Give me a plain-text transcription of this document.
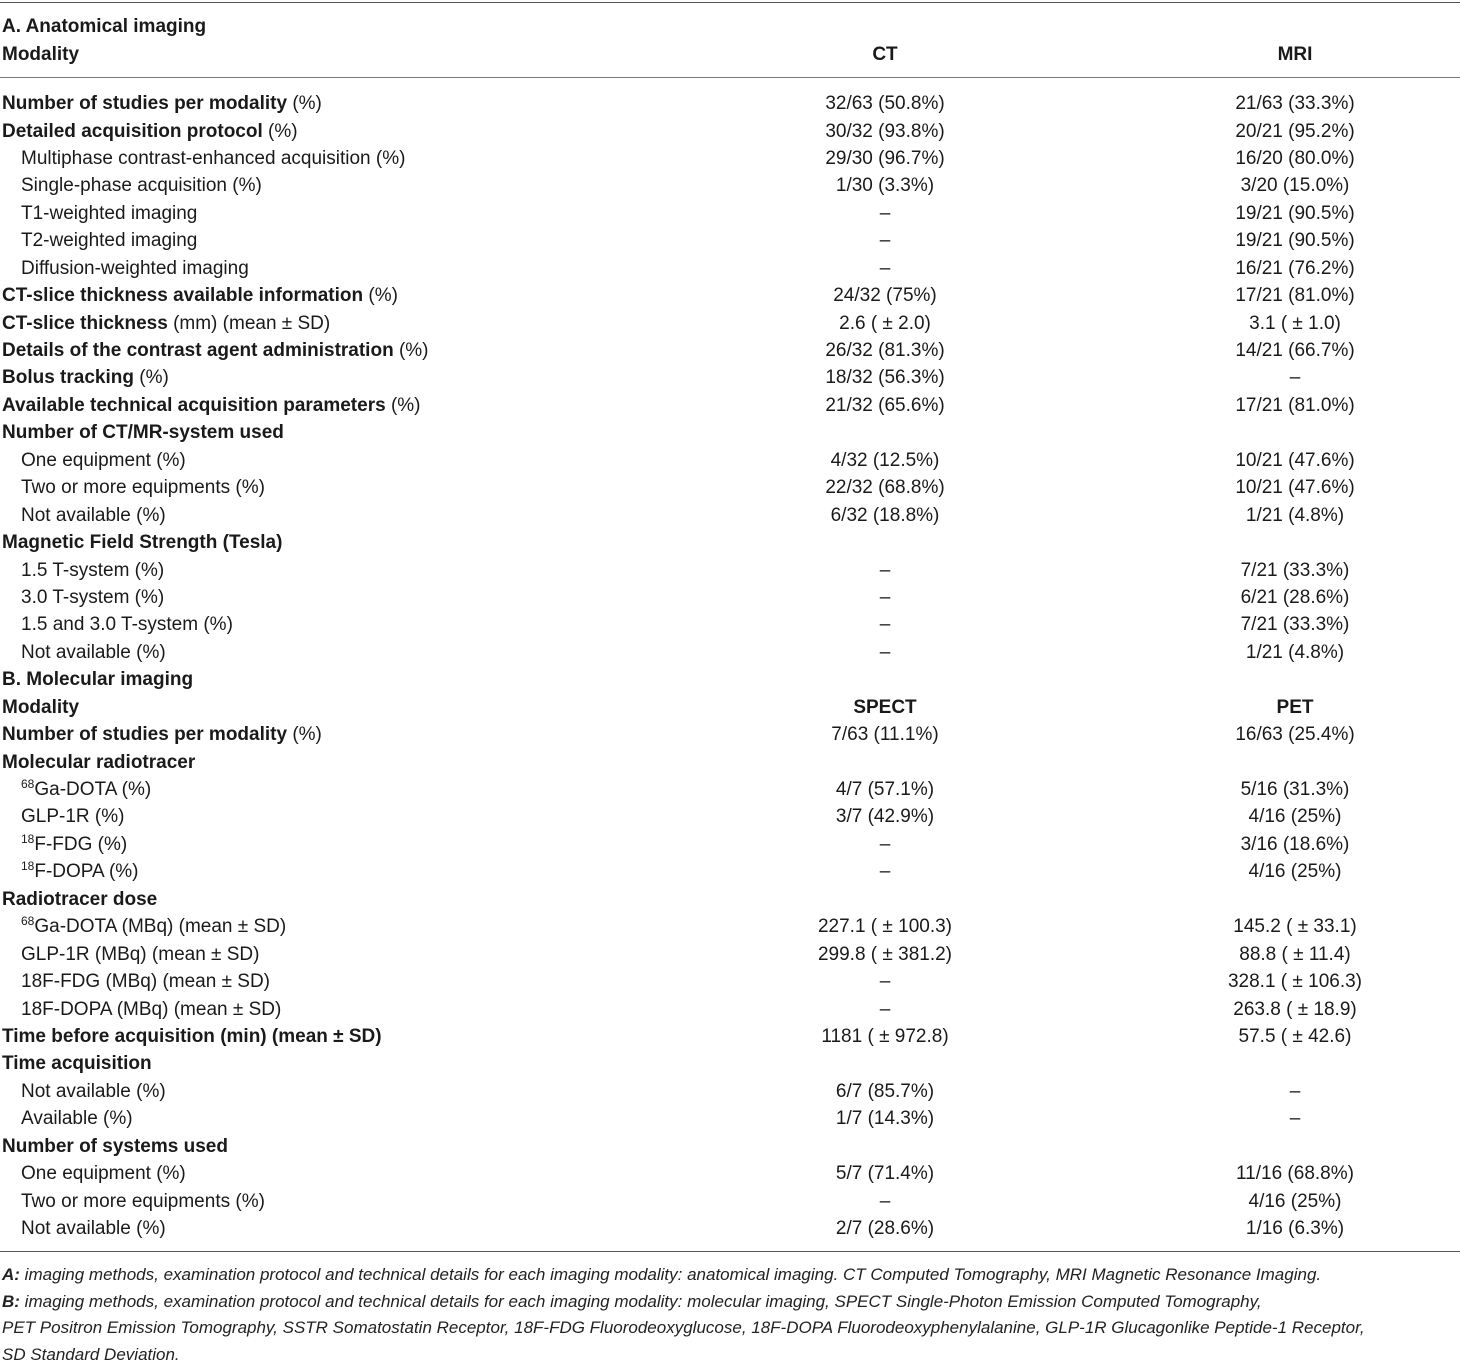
A. Anatomical imaging		
Modality	CT	MRI

Number of studies per modality (%)	32/63 (50.8%)	21/63 (33.3%)
Detailed acquisition protocol (%)	30/32 (93.8%)	20/21 (95.2%)
Multiphase contrast-enhanced acquisition (%)	29/30 (96.7%)	16/20 (80.0%)
Single-phase acquisition (%)	1/30 (3.3%)	3/20 (15.0%)
T1-weighted imaging	–	19/21 (90.5%)
T2-weighted imaging	–	19/21 (90.5%)
Diffusion-weighted imaging	–	16/21 (76.2%)
CT-slice thickness available information (%)	24/32 (75%)	17/21 (81.0%)
CT-slice thickness (mm) (mean ± SD)	2.6 ( ± 2.0)	3.1 ( ± 1.0)
Details of the contrast agent administration (%)	26/32 (81.3%)	14/21 (66.7%)
Bolus tracking (%)	18/32 (56.3%)	–
Available technical acquisition parameters (%)	21/32 (65.6%)	17/21 (81.0%)
Number of CT/MR-system used		
One equipment (%)	4/32 (12.5%)	10/21 (47.6%)
Two or more equipments (%)	22/32 (68.8%)	10/21 (47.6%)
Not available (%)	6/32 (18.8%)	1/21 (4.8%)
Magnetic Field Strength (Tesla)		
1.5 T-system (%)	–	7/21 (33.3%)
3.0 T-system (%)	–	6/21 (28.6%)
1.5 and 3.0 T-system (%)	–	7/21 (33.3%)
Not available (%)	–	1/21 (4.8%)
B. Molecular imaging		
Modality	SPECT	PET
Number of studies per modality (%)	7/63 (11.1%)	16/63 (25.4%)
Molecular radiotracer		
$^{68}$Ga-DOTA (%)	4/7 (57.1%)	5/16 (31.3%)
GLP-1R (%)	3/7 (42.9%)	4/16 (25%)
$^{18}$F-FDG (%)	–	3/16 (18.6%)
$^{18}$F-DOPA (%)	–	4/16 (25%)
Radiotracer dose		
$^{68}$Ga-DOTA (MBq) (mean ± SD)	227.1 ( ± 100.3)	145.2 ( ± 33.1)
GLP-1R (MBq) (mean ± SD)	299.8 ( ± 381.2)	88.8 ( ± 11.4)
18F-FDG (MBq) (mean ± SD)	–	328.1 ( ± 106.3)
18F-DOPA (MBq) (mean ± SD)	–	263.8 ( ± 18.9)
Time before acquisition (min) (mean ± SD)	1181 ( ± 972.8)	57.5 ( ± 42.6)
Time acquisition		
Not available (%)	6/7 (85.7%)	–
Available (%)	1/7 (14.3%)	–
Number of systems used		
One equipment (%)	5/7 (71.4%)	11/16 (68.8%)
Two or more equipments (%)	–	4/16 (25%)
Not available (%)	2/7 (28.6%)	1/16 (6.3%)
A: imaging methods, examination protocol and technical details for each imaging modality: anatomical imaging. CT Computed Tomography, MRI Magnetic Resonance Imaging.
B: imaging methods, examination protocol and technical details for each imaging modality: molecular imaging, SPECT Single-Photon Emission Computed Tomography,
PET Positron Emission Tomography, SSTR Somatostatin Receptor, 18F-FDG Fluorodeoxyglucose, 18F-DOPA Fluorodeoxyphenylalanine, GLP-1R Glucagonlike Peptide-1 Receptor,
SD Standard Deviation.
